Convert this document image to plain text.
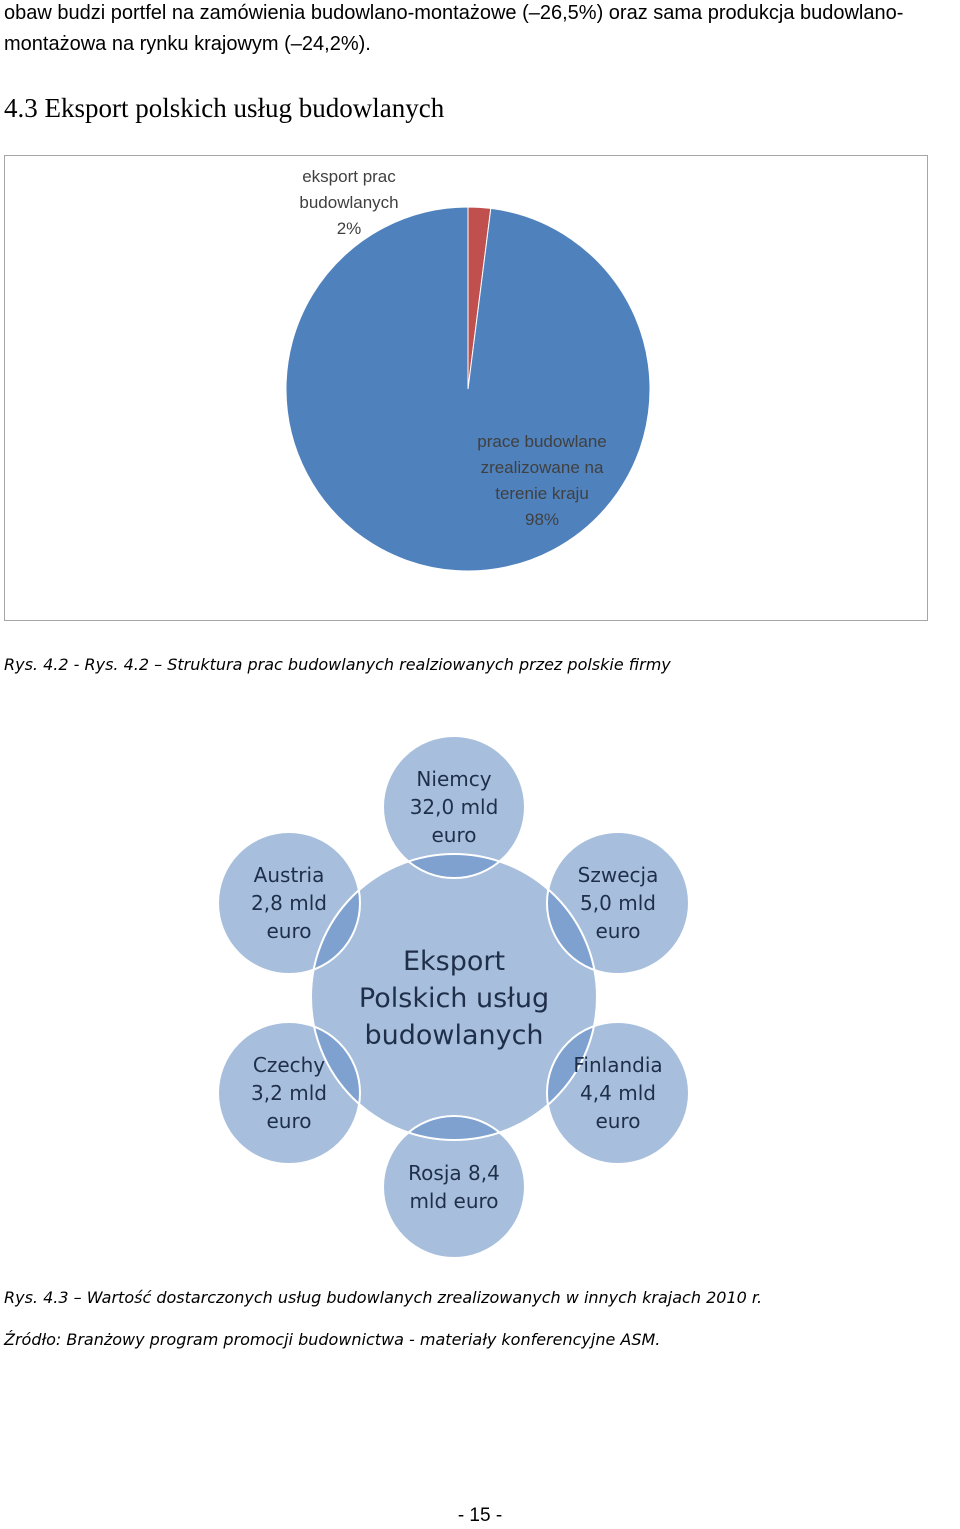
obaw budzi portfel na zamówienia budowlano-montażowe (–26,5%) oraz sama produkcja budowlano-
montażowa na rynku krajowym (–24,2%).

4.3 Eksport polskich usług budowlanych
eksport prac
budowlanych
2%
prace budowlane
zrealizowane na
terenie kraju
98%

Rys. 4.2 - Rys. 4.2 – Struktura prac budowlanych realziowanych przez polskie firmy

Eksport
Polskich usług
budowlanych
Niemcy
32,0 mld
euro
Szwecja
5,0 mld
euro
Finlandia
4,4 mld
euro
Rosja 8,4
mld euro
Czechy
3,2 mld
euro
Austria
2,8 mld
euro

Rys. 4.3 – Wartość dostarczonych usług budowlanych zrealizowanych w innych krajach 2010 r.

Źródło: Branżowy program promocji budownictwa - materiały konferencyjne ASM.

- 15 -
